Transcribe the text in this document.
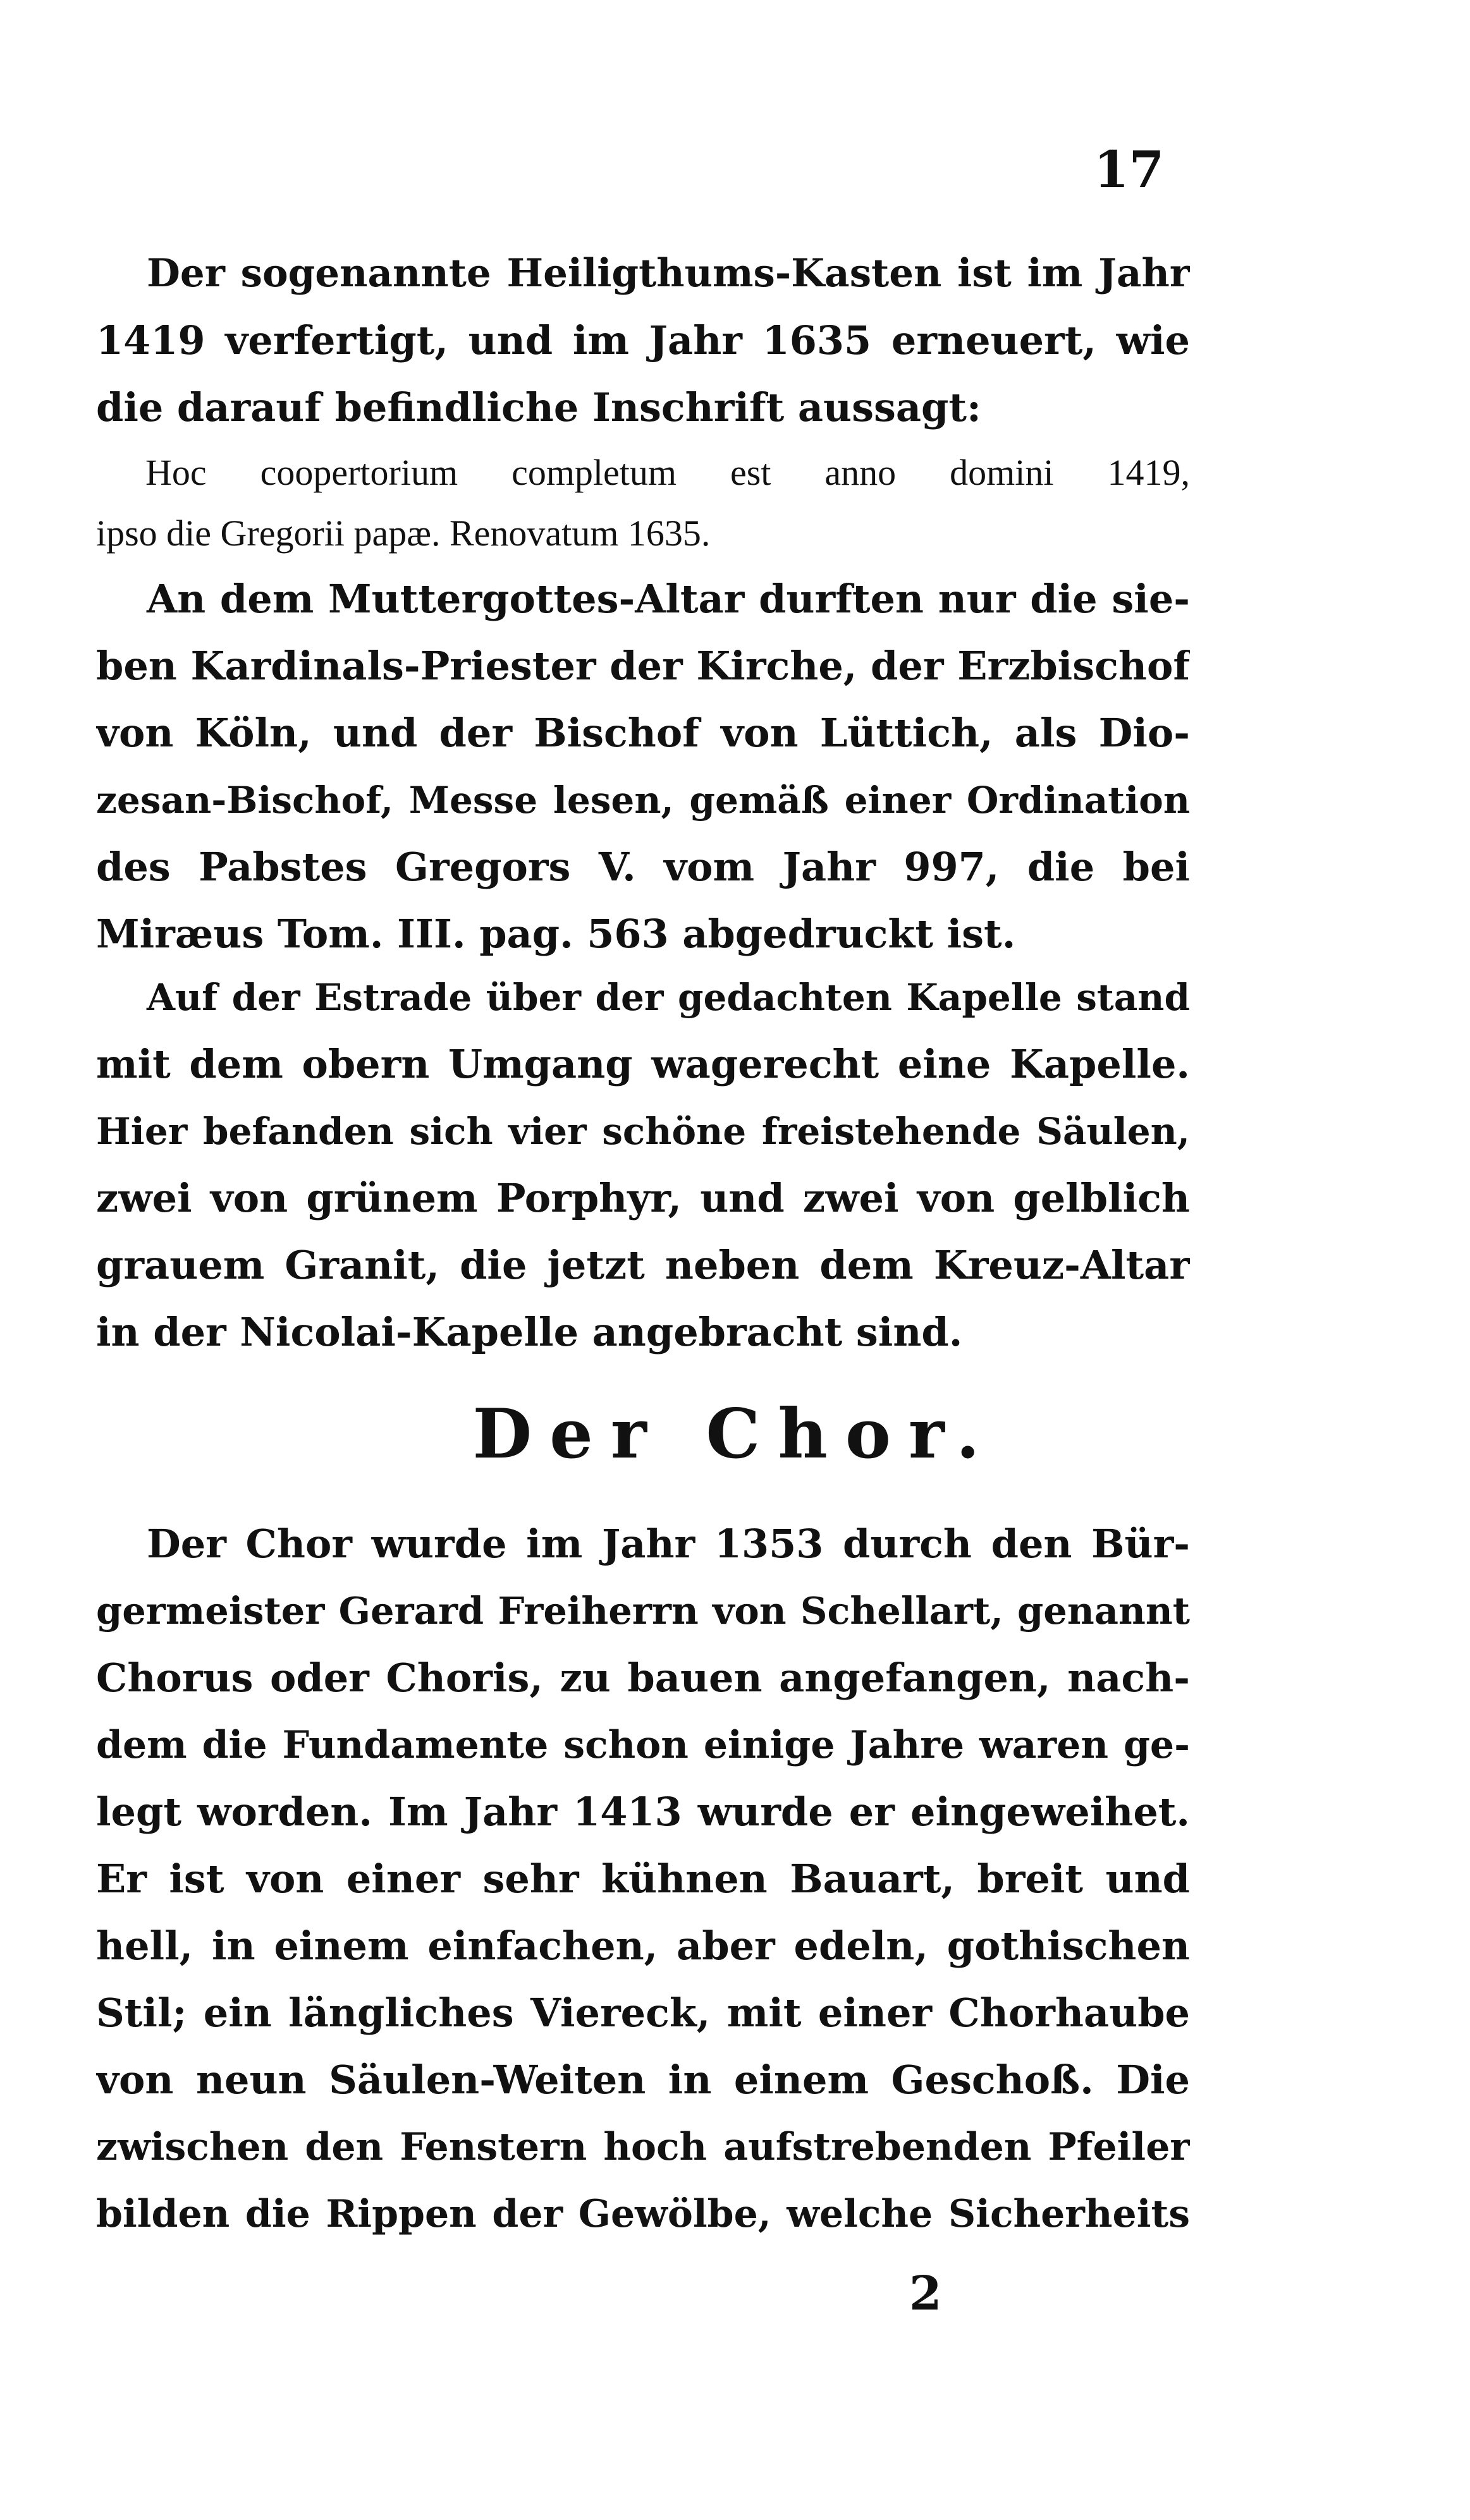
17
Der sogenannte Heiligthums-Kasten ist im Jahr
1419 verfertigt, und im Jahr 1635 erneuert, wie
die darauf befindliche Inschrift aussagt:
Hoc coopertorium completum est anno domini 1419,
ipso die Gregorii papæ. Renovatum 1635.
An dem Muttergottes-Altar durften nur die sie-
ben Kardinals-Priester der Kirche, der Erzbischof
von Köln, und der Bischof von Lüttich, als Dio-
zesan-Bischof, Messe lesen, gemäß einer Ordination
des Pabstes Gregors V. vom Jahr 997, die bei
Miræus Tom. III. pag. 563 abgedruckt ist.
Auf der Estrade über der gedachten Kapelle stand
mit dem obern Umgang wagerecht eine Kapelle.
Hier befanden sich vier schöne freistehende Säulen,
zwei von grünem Porphyr, und zwei von gelblich
grauem Granit, die jetzt neben dem Kreuz-Altar
in der Nicolai-Kapelle angebracht sind.
Der Chor.
Der Chor wurde im Jahr 1353 durch den Bür-
germeister Gerard Freiherrn von Schellart, genannt
Chorus oder Choris, zu bauen angefangen, nach-
dem die Fundamente schon einige Jahre waren ge-
legt worden. Im Jahr 1413 wurde er eingeweihet.
Er ist von einer sehr kühnen Bauart, breit und
hell, in einem einfachen, aber edeln, gothischen
Stil; ein längliches Viereck, mit einer Chorhaube
von neun Säulen-Weiten in einem Geschoß. Die
zwischen den Fenstern hoch aufstrebenden Pfeiler
bilden die Rippen der Gewölbe, welche Sicherheits
2
